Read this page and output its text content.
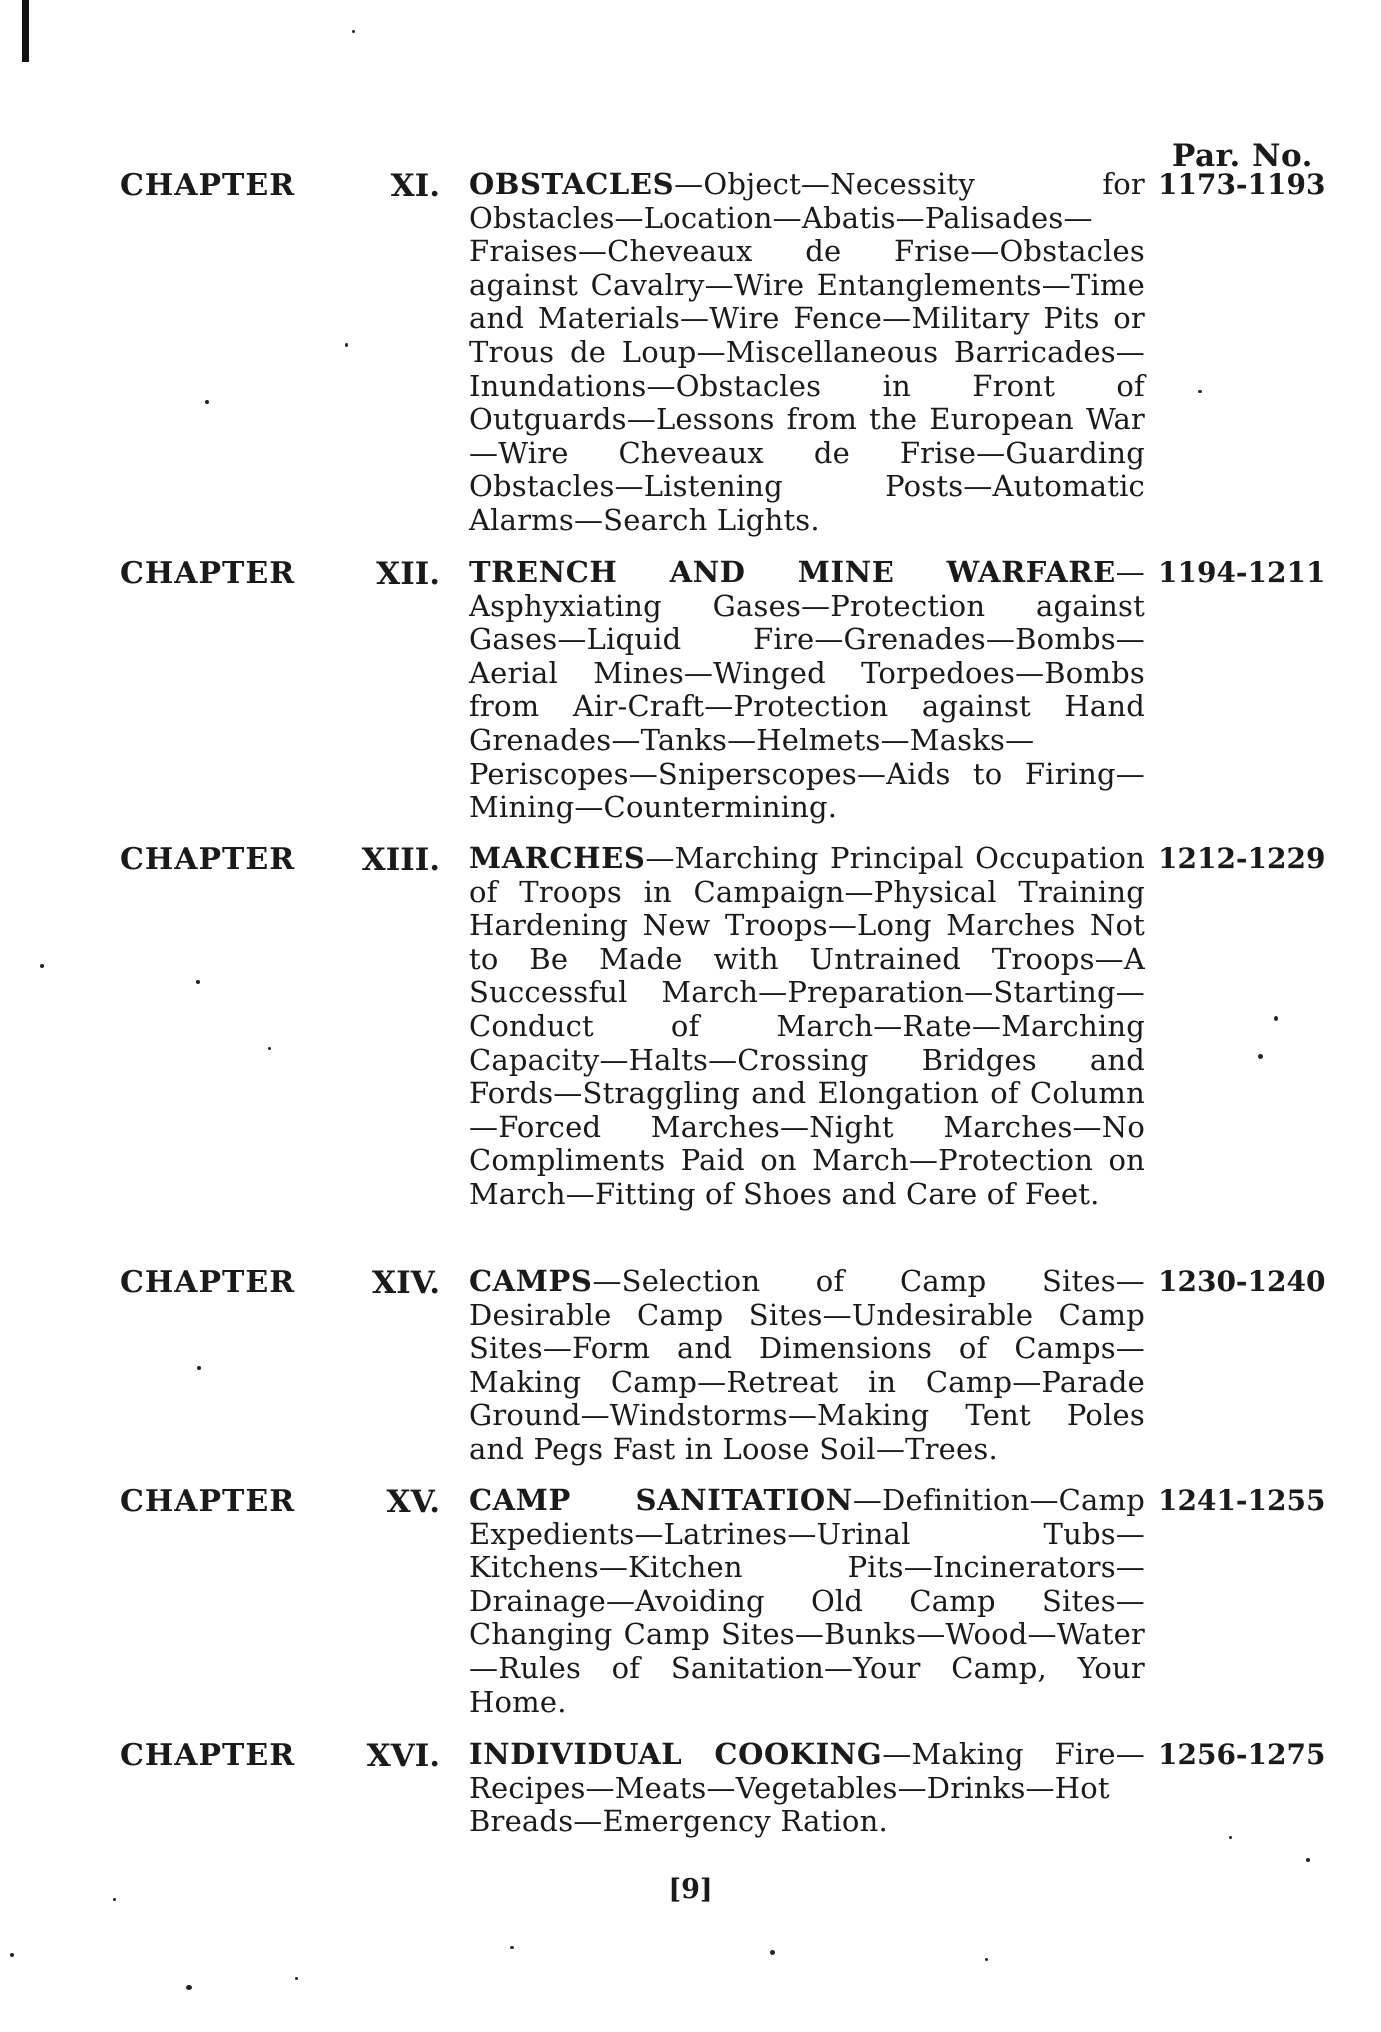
Par. No.
CHAPTER	XI. OBSTACLES—Object—Necessity for Obstacles—Location—Abatis—Palisades—Fraises—Cheveaux de Frise—Obstacles against Cavalry—Wire Entanglements—Time and Materials—Wire Fence—Military Pits or Trous de Loup—Miscellaneous Barricades—Inundations—Obstacles in Front of Outguards—Lessons from the European War—Wire Cheveaux de Frise—Guarding Obstacles—Listening Posts—Automatic Alarms—Search Lights.
1173-1193
CHAPTER	XII. TRENCH AND MINE WARFARE—Asphyxiating Gases—Protection against Gases—Liquid Fire—Grenades—Bombs—Aerial Mines—Winged Torpedoes—Bombs from Air-Craft—Protection against Hand Grenades—Tanks—Helmets—Masks—Periscopes—Sniperscopes—Aids to Firing—Mining—Countermining.
1194-1211
CHAPTER XIII. MARCHES—Marching Principal Occupation of Troops in Campaign—Physical Training Hardening New Troops—Long Marches Not to Be Made with Untrained Troops—A Successful March—Preparation—Starting—Conduct of March—Rate—Marching Capacity—Halts—Crossing Bridges and Fords—Straggling and Elongation of Column—Forced Marches—Night Marches—No Compliments Paid on March—Protection on March—Fitting of Shoes and Care of Feet.
1212-1229
CHAPTER XIV. CAMPS—Selection of Camp Sites—Desirable Camp Sites—Undesirable Camp Sites—Form and Dimensions of Camps—Making Camp—Retreat in Camp—Parade Ground—Windstorms—Making Tent Poles and Pegs Fast in Loose Soil—Trees.
1230-1240
CHAPTER	XV. CAMP SANITATION—Definition—Camp Expedients—Latrines—Urinal Tubs—Kitchens—Kitchen Pits—Incinerators—Drainage—Avoiding Old Camp Sites—Changing Camp Sites—Bunks—Wood—Water—Rules of Sanitation—Your Camp, Your Home.
1241-1255
CHAPTER XVI. INDIVIDUAL COOKING—Making Fire—Recipes—Meats—Vegetables—Drinks—Hot Breads—Emergency Ration.
1256-1275
[9]
